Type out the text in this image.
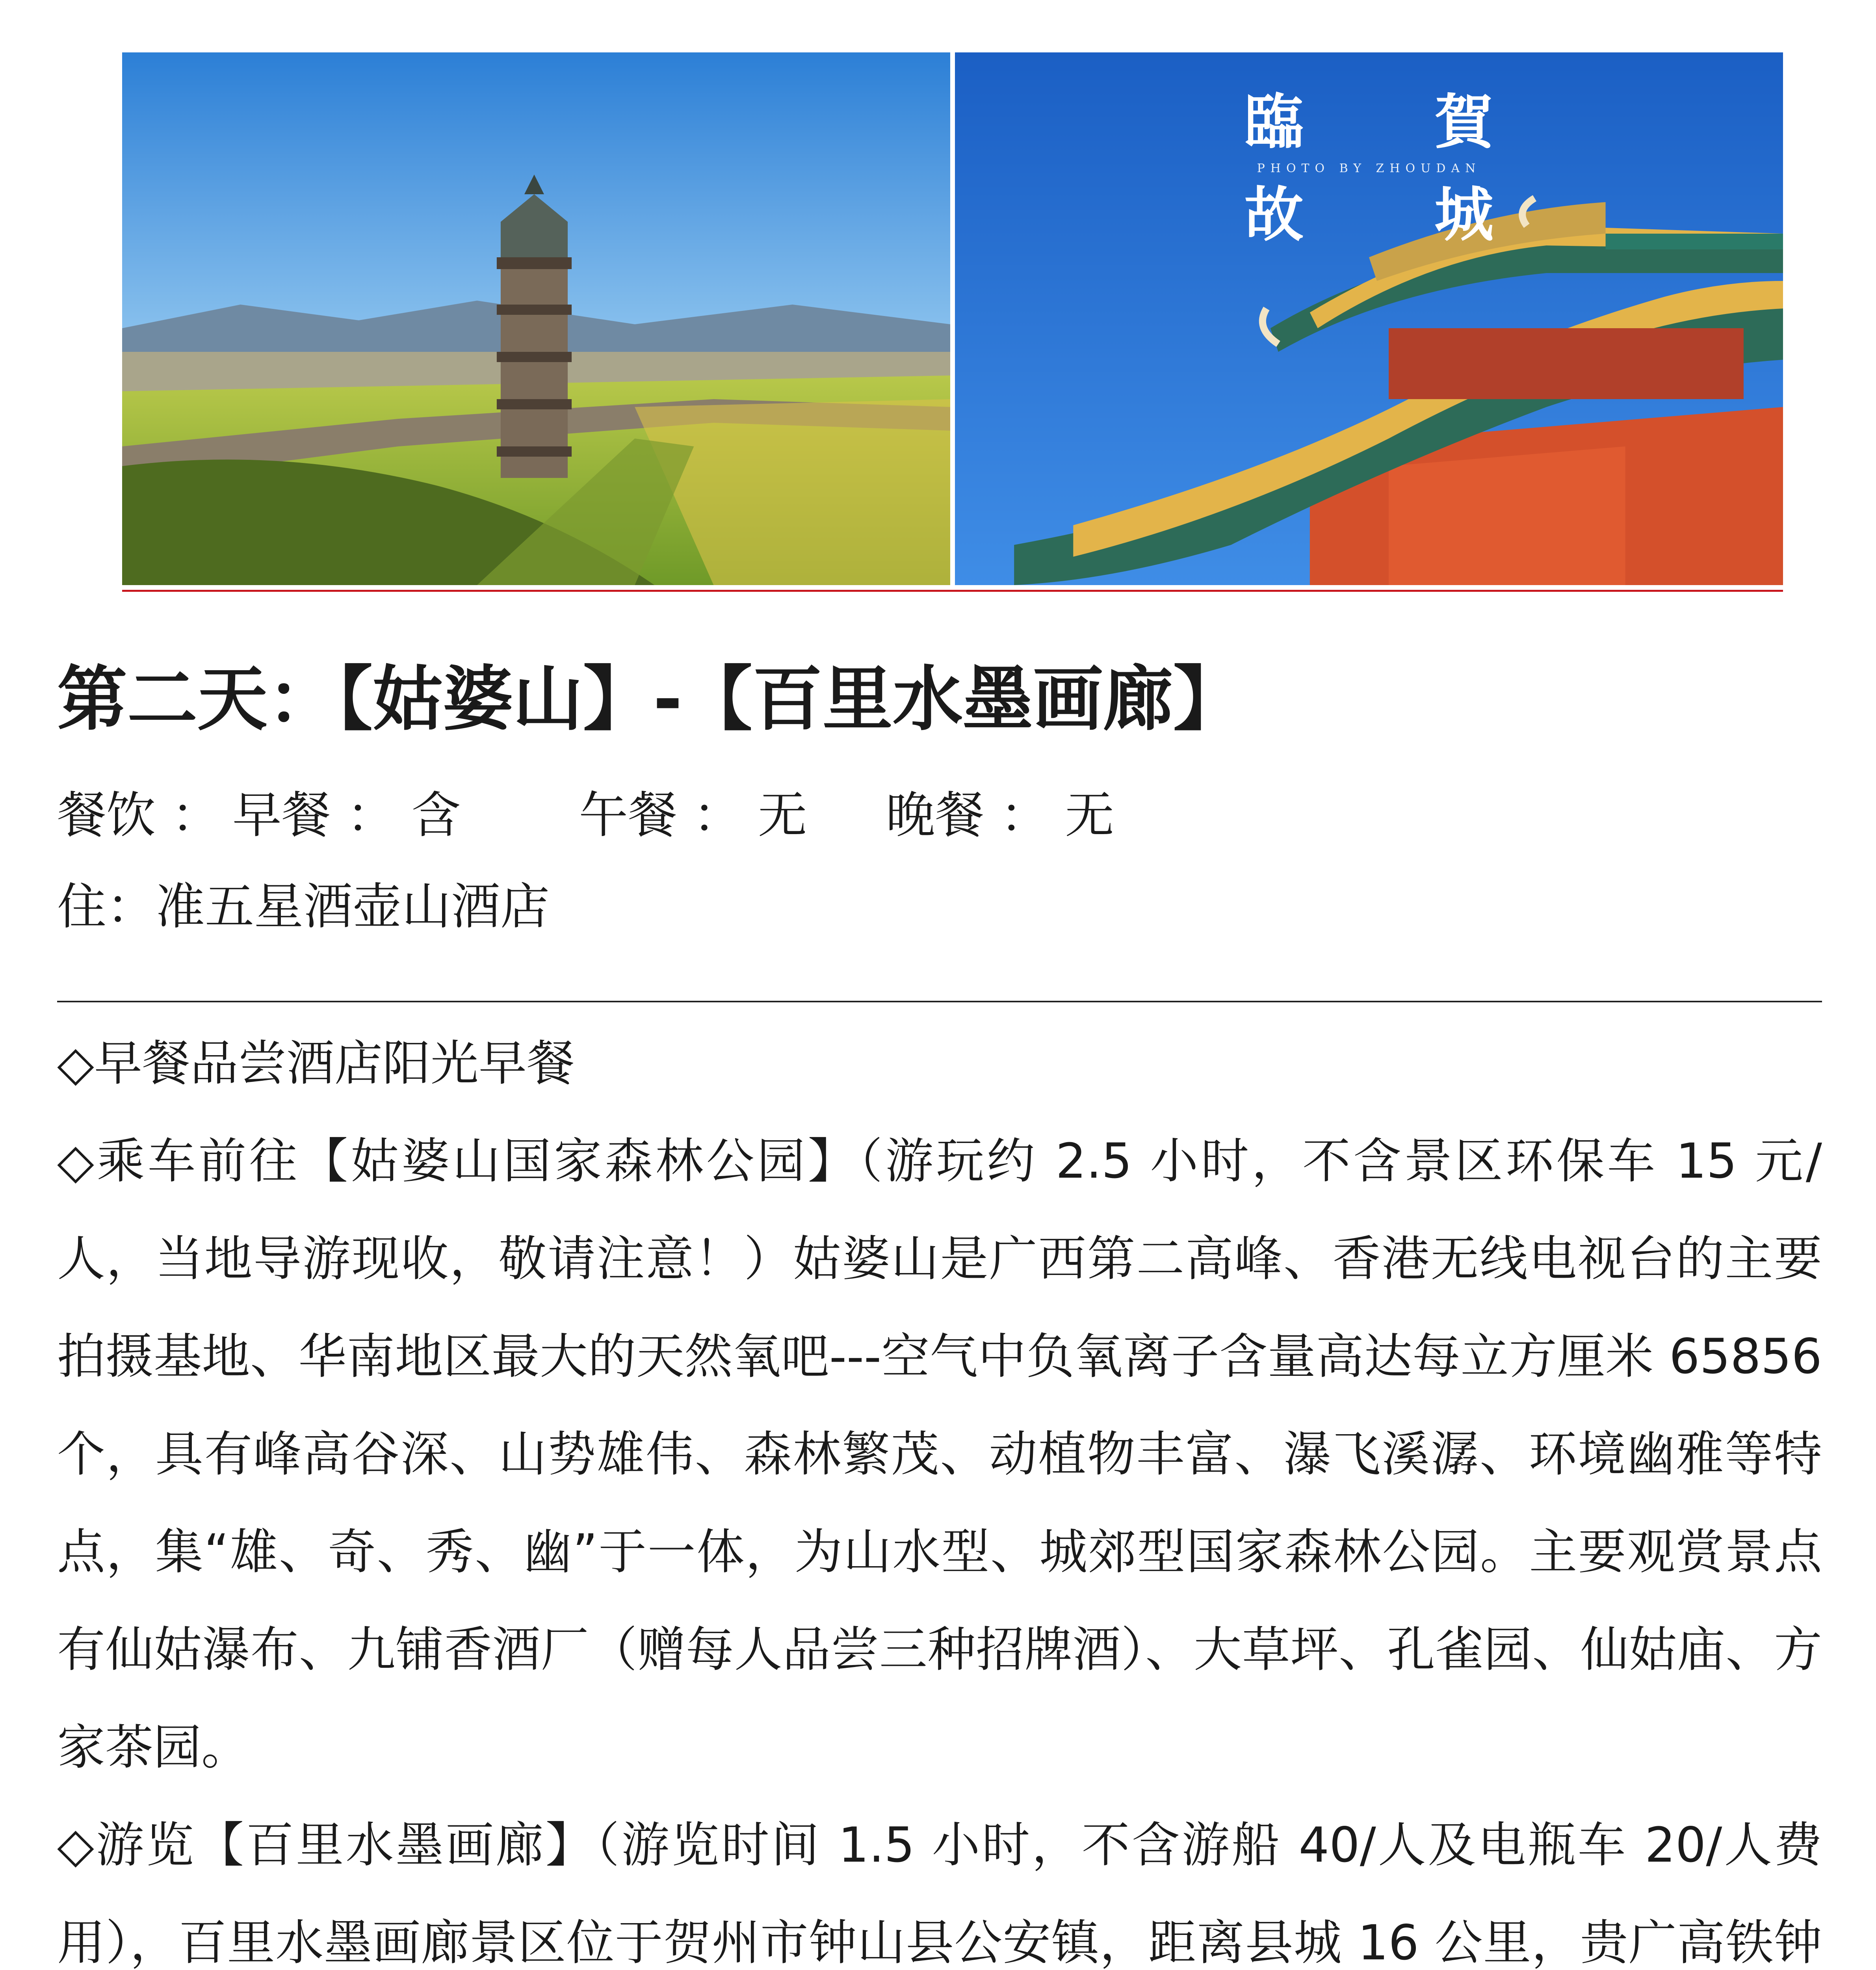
臨 賀
PHOTO BY ZHOUDAN
故 城
第二天：【姑婆山】-【百里水墨画廊】
餐饮 ： 早餐 ： 含 午餐 ： 无 晚餐 ： 无
住：准五星酒壶山酒店

◇早餐品尝酒店阳光早餐

◇乘车前往【姑婆山国家森林公园】（游玩约 2.5 小时，不含景区环保车 15 元/人，当地导游现收，敬请注意！）姑婆山是广西第二高峰、香港无线电视台的主要拍摄基地、华南地区最大的天然氧吧---空气中负氧离子含量高达每立方厘米 65856 个，具有峰高谷深、山势雄伟、森林繁茂、动植物丰富、瀑飞溪潺、环境幽雅等特点，集“雄、奇、秀、幽”于一体，为山水型、城郊型国家森林公园。主要观赏景点有仙姑瀑布、九铺香酒厂（赠每人品尝三种招牌酒）、大草坪、孔雀园、仙姑庙、方家茶园。

◇游览【百里水墨画廊】（游览时间 1.5 小时，不含游船 40/人及电瓶车 20/人费用），百里水墨画廊景区位于贺州市钟山县公安镇，距离县城 16 公里，贵广高铁钟
